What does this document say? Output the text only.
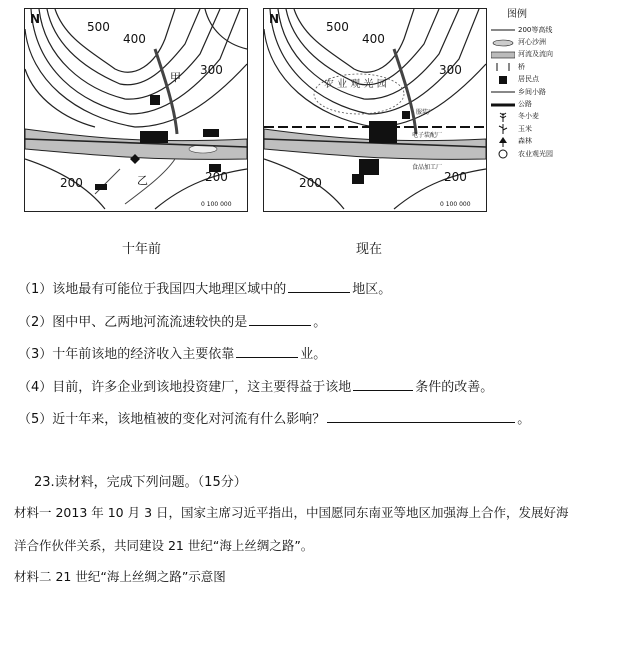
N
500
400
300
200	200
甲
乙
0 100 000
N
500
400
300
200	200
农 业 观 光 园
服装厂
电子装配厂
食品加工厂
0 100 000
图例
200 等高线
河心沙洲
河流及流向
桥
居民点
乡间小路
公路
冬小麦
玉米
森林
农业观光园
十年前	现在
（1）该地最有可能位于我国四大地理区域中的	地区。
（2）图中甲、乙两地河流流速较快的是	。
（3）十年前该地的经济收入主要依靠	业。
（4）目前，许多企业到该地投资建厂，这主要得益于该地	条件的改善。
（5）近十年来，该地植被的变化对河流有什么影响？	。
23.读材料，完成下列问题。（15分）
材料一 2013 年 10 月 3 日，国家主席习近平指出，中国愿同东南亚等地区加强海上合作，发展好海
洋合作伙伴关系，共同建设 21 世纪“海上丝绸之路”。
材料二 21 世纪“海上丝绸之路”示意图
